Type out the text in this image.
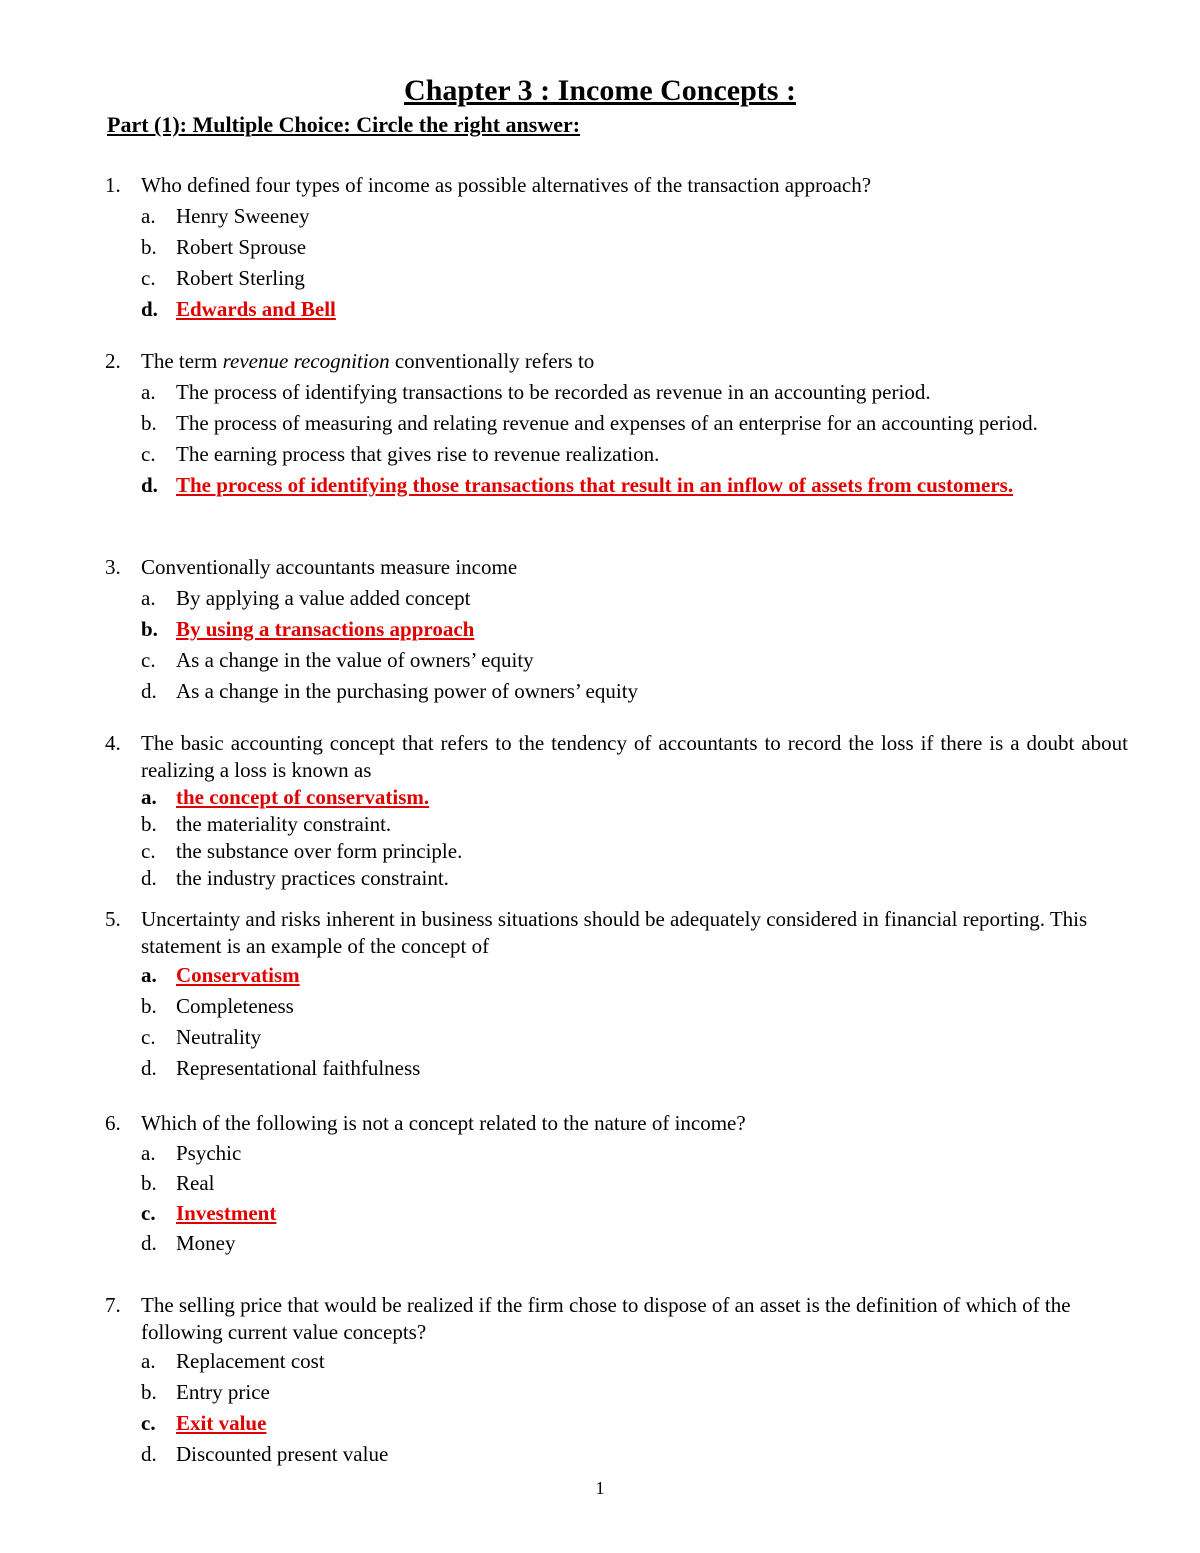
Chapter 3 : Income Concepts :
Part (1): Multiple Choice: Circle the right answer:
1. Who defined four types of income as possible alternatives of the transaction approach?
a. Henry Sweeney
b. Robert Sprouse
c. Robert Sterling
d. Edwards and Bell
2. The term revenue recognition conventionally refers to
a. The process of identifying transactions to be recorded as revenue in an accounting period.
b. The process of measuring and relating revenue and expenses of an enterprise for an accounting period.
c. The earning process that gives rise to revenue realization.
d. The process of identifying those transactions that result in an inflow of assets from customers.
3. Conventionally accountants measure income
a. By applying a value added concept
b. By using a transactions approach
c. As a change in the value of owners’ equity
d. As a change in the purchasing power of owners’ equity
4. The basic accounting concept that refers to the tendency of accountants to record the loss if there is a doubt about realizing a loss is known as
a. the concept of conservatism.
b. the materiality constraint.
c. the substance over form principle.
d. the industry practices constraint.
5. Uncertainty and risks inherent in business situations should be adequately considered in financial reporting. This statement is an example of the concept of
a. Conservatism
b. Completeness
c. Neutrality
d. Representational faithfulness
6. Which of the following is not a concept related to the nature of income?
a. Psychic
b. Real
c. Investment
d. Money
7. The selling price that would be realized if the firm chose to dispose of an asset is the definition of which of the following current value concepts?
a. Replacement cost
b. Entry price
c. Exit value
d. Discounted present value
1
